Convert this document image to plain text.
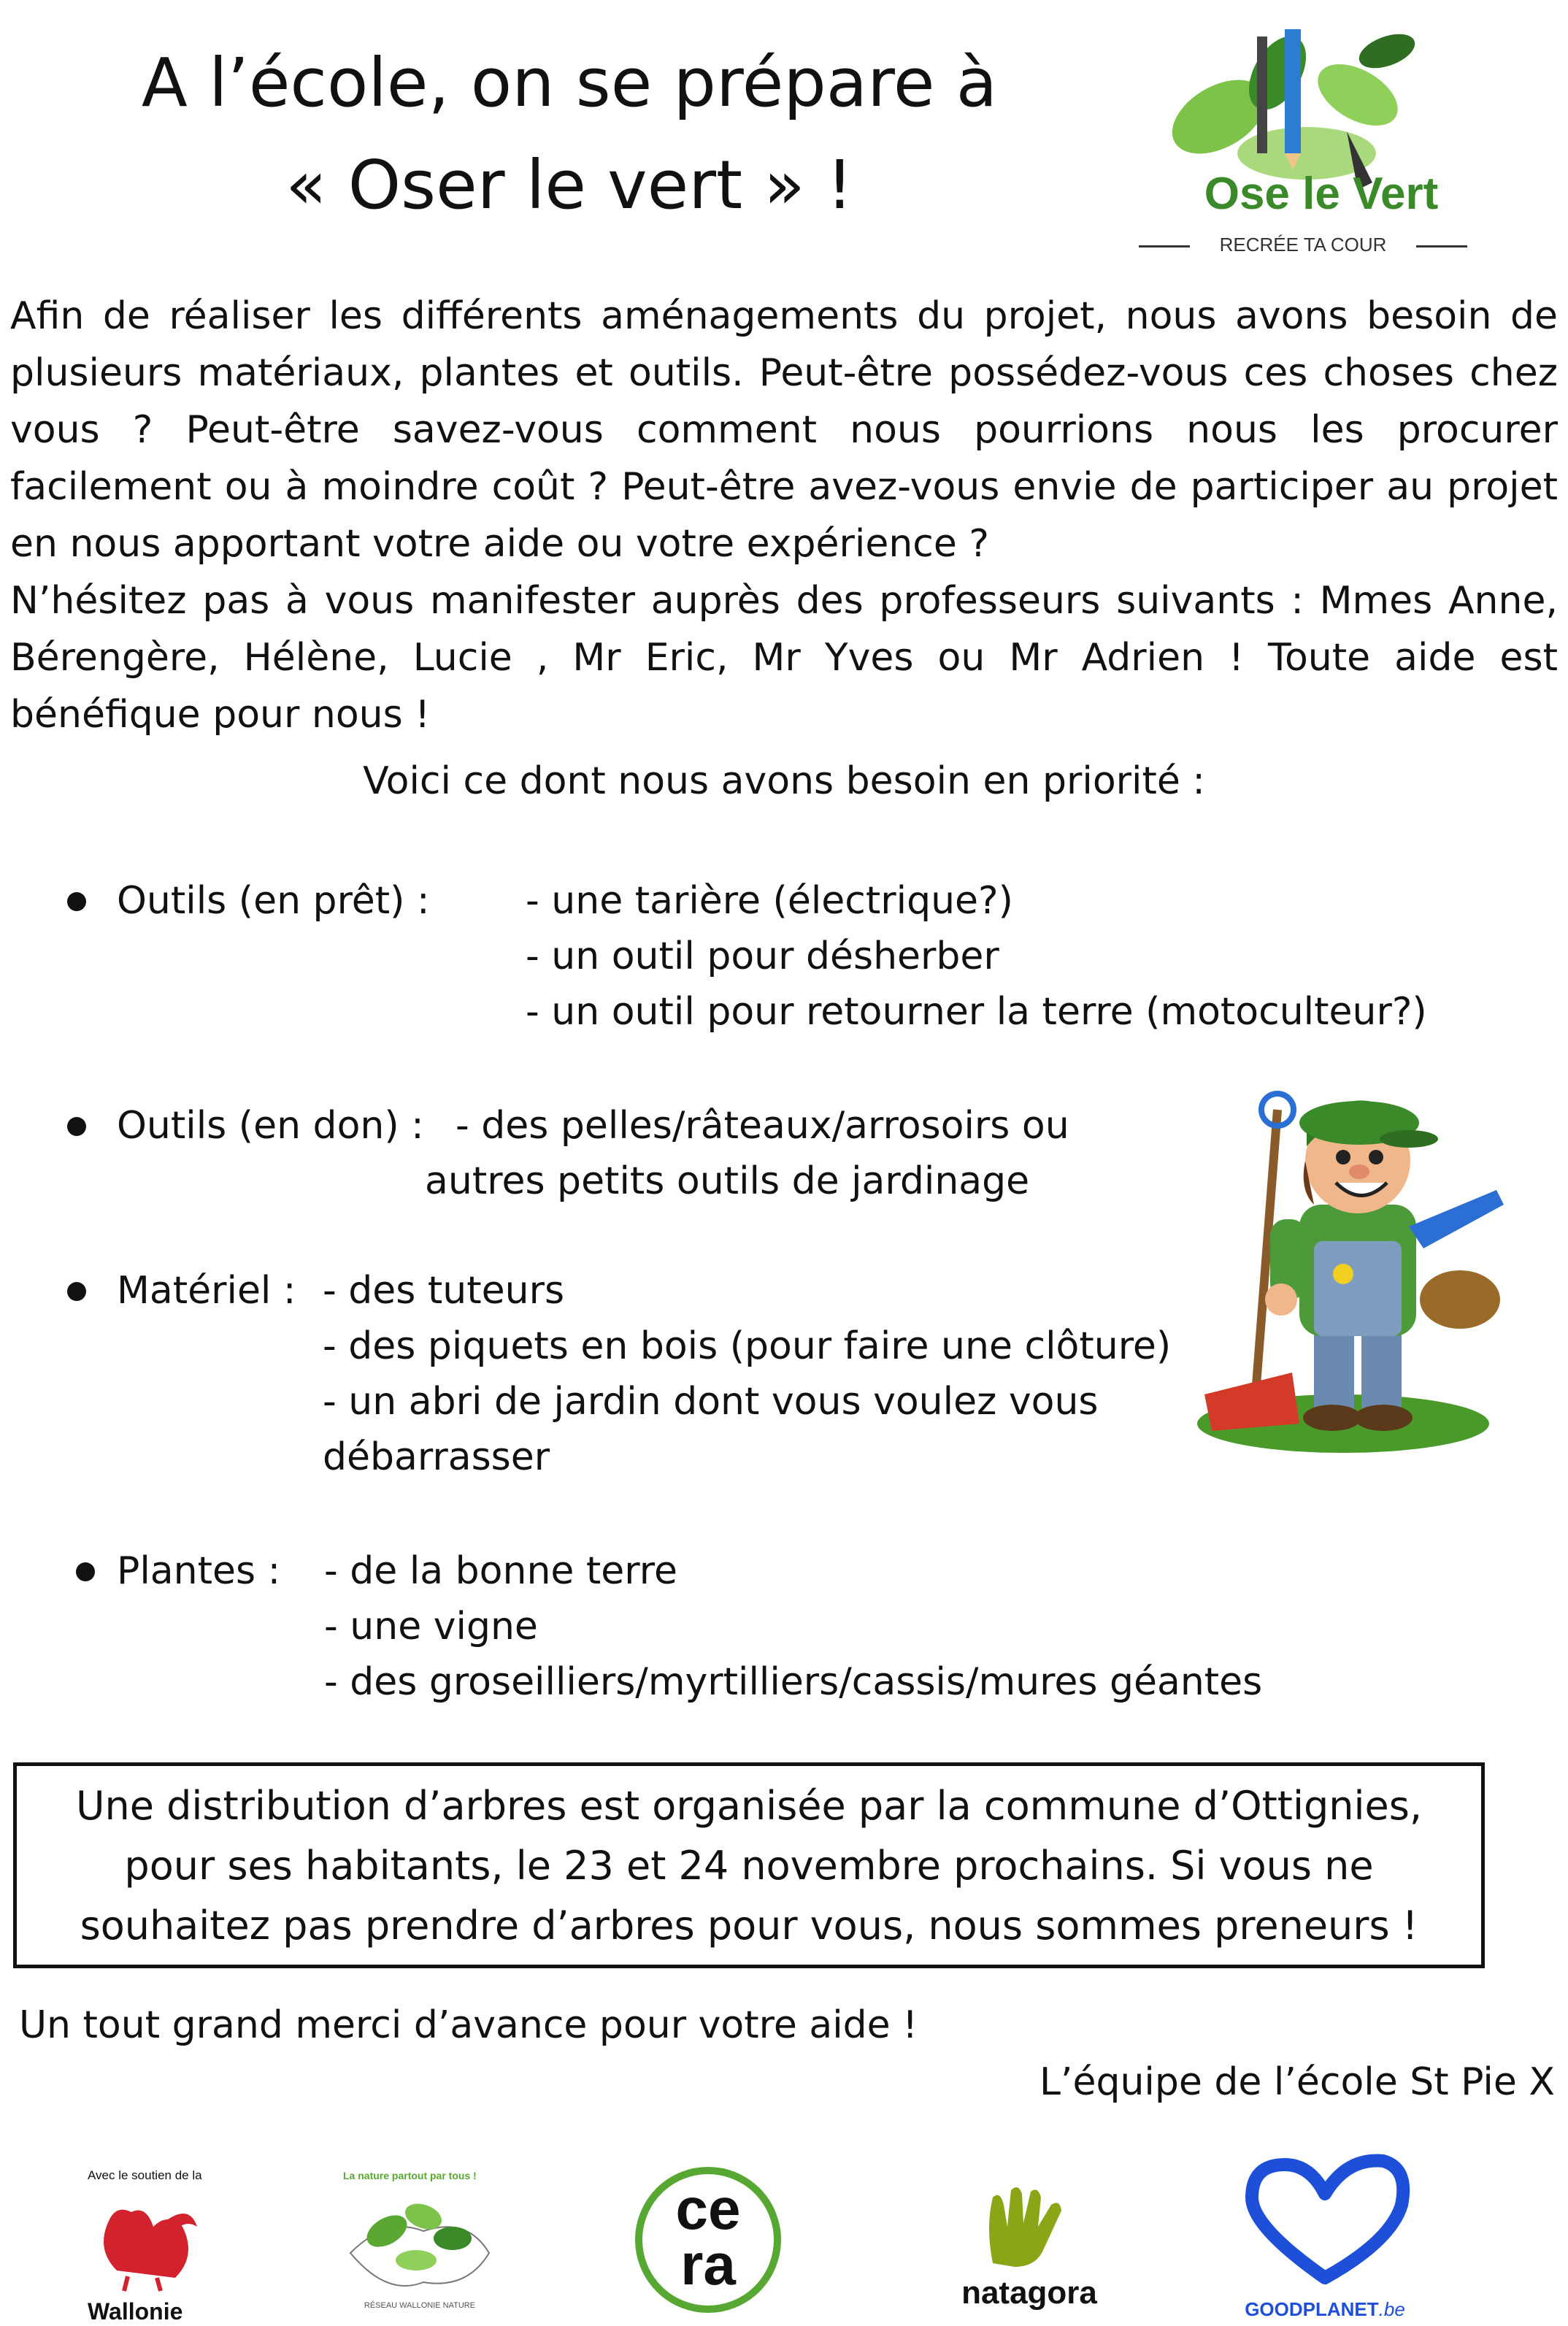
A l’école, on se prépare à
« Oser le vert » !	Ose le Vert
RECRÉE TA COUR
Afin de réaliser les différents aménagements du projet, nous avons besoin de
plusieurs matériaux, plantes et outils. Peut-être possédez-vous ces choses chez
vous ? Peut-être savez-vous comment nous pourrions nous les procurer
facilement ou à moindre coût ? Peut-être avez-vous envie de participer au projet
en nous apportant votre aide ou votre expérience ?
N’hésitez pas à vous manifester auprès des professeurs suivants : Mmes Anne,
Bérengère, Hélène, Lucie , Mr Eric, Mr Yves ou Mr Adrien ! Toute aide est
bénéfique pour nous !
Voici ce dont nous avons besoin en priorité :
Outils (en prêt) :	- une tarière (électrique?)
- un outil pour désherber
- un outil pour retourner la terre (motoculteur?)
Outils (en don) : - des pelles/râteaux/arrosoirs ou
autres petits outils de jardinage
Matériel : - des tuteurs
- des piquets en bois (pour faire une clôture)
- un abri de jardin dont vous voulez vous
débarrasser
Plantes : - de la bonne terre
- une vigne
- des groseilliers/myrtilliers/cassis/mures géantes

Une distribution d’arbres est organisée par la commune d’Ottignies,

pour ses habitants, le 23 et 24 novembre prochains. Si vous ne

souhaitez pas prendre d’arbres pour vous, nous sommes preneurs !

Un tout grand merci d’avance pour votre aide !
L’équipe de l’école St Pie X
Avec le soutien de la
Wallonie
La nature partout par tous !
RÉSEAU WALLONIE NATURE
ce
ra	natagora	GOODPLANET.be
